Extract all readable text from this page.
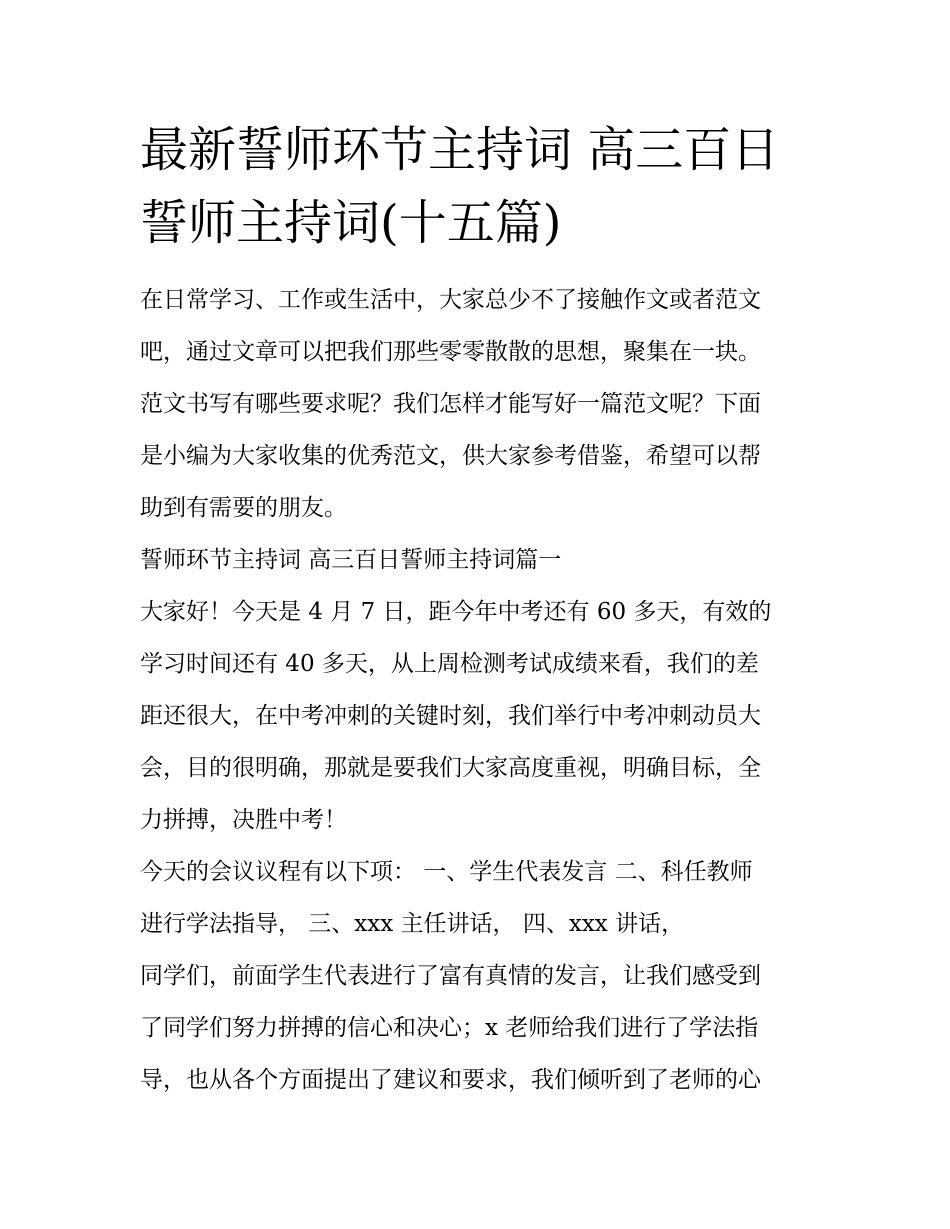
最新誓师环节主持词 高三百日
誓师主持词(十五篇)
在日常学习、工作或生活中，大家总少不了接触作文或者范文
吧，通过文章可以把我们那些零零散散的思想，聚集在一块。
范文书写有哪些要求呢？我们怎样才能写好一篇范文呢？下面
是小编为大家收集的优秀范文，供大家参考借鉴，希望可以帮
助到有需要的朋友。
誓师环节主持词 高三百日誓师主持词篇一
大家好！今天是 4 月 7 日，距今年中考还有 60 多天，有效的
学习时间还有 40 多天，从上周检测考试成绩来看，我们的差
距还很大，在中考冲刺的关键时刻，我们举行中考冲刺动员大
会，目的很明确，那就是要我们大家高度重视，明确目标，全
力拼搏，决胜中考！
今天的会议议程有以下项： 一、学生代表发言 二、科任教师
进行学法指导， 三、xxx 主任讲话， 四、xxx 讲话，
同学们，前面学生代表进行了富有真情的发言，让我们感受到
了同学们努力拼搏的信心和决心；x 老师给我们进行了学法指
导，也从各个方面提出了建议和要求，我们倾听到了老师的心
